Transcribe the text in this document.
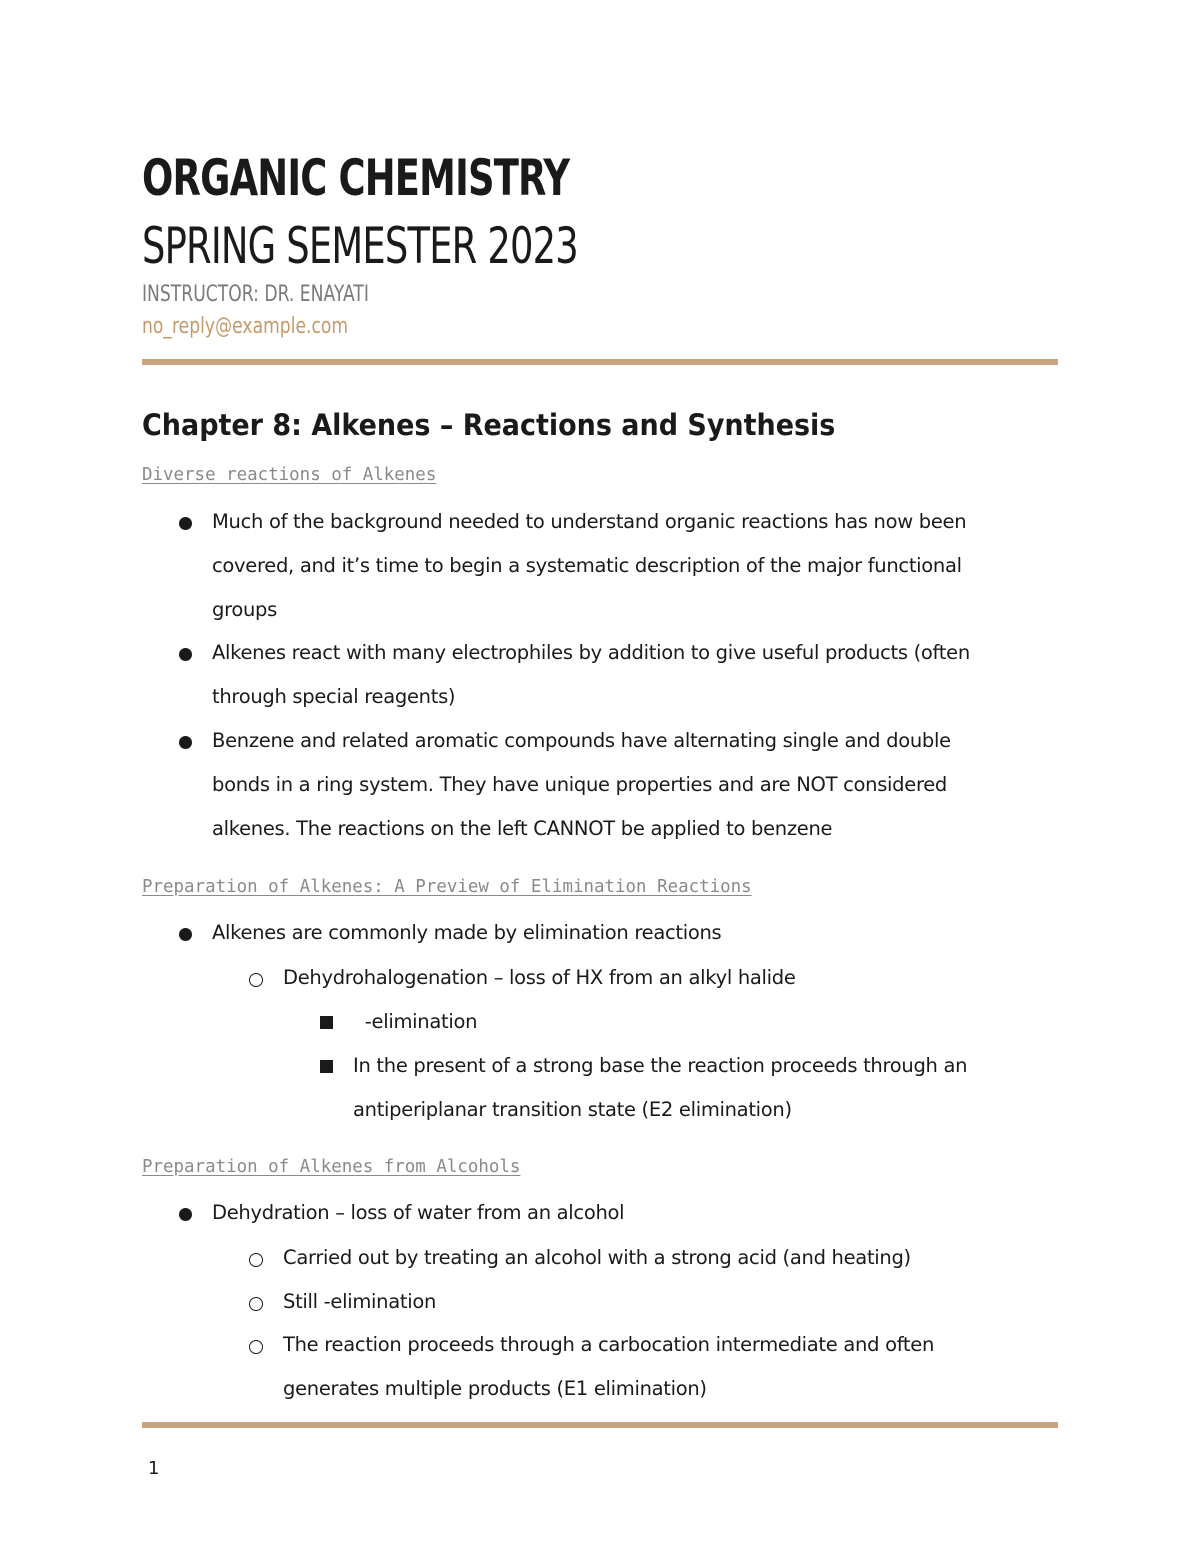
ORGANIC CHEMISTRY
SPRING SEMESTER 2023
INSTRUCTOR: DR. ENAYATI
no_reply@example.com
Chapter 8: Alkenes – Reactions and Synthesis
Diverse reactions of Alkenes
Much of the background needed to understand organic reactions has now been
covered, and it’s time to begin a systematic description of the major functional
groups
Alkenes react with many electrophiles by addition to give useful products (often
through special reagents)
Benzene and related aromatic compounds have alternating single and double
bonds in a ring system. They have unique properties and are NOT considered
alkenes. The reactions on the left CANNOT be applied to benzene
Preparation of Alkenes: A Preview of Elimination Reactions
Alkenes are commonly made by elimination reactions
Dehydrohalogenation – loss of HX from an alkyl halide
-elimination
In the present of a strong base the reaction proceeds through an
antiperiplanar transition state (E2 elimination)
Preparation of Alkenes from Alcohols
Dehydration – loss of water from an alcohol
Carried out by treating an alcohol with a strong acid (and heating)
Still -elimination
The reaction proceeds through a carbocation intermediate and often
generates multiple products (E1 elimination)
1
